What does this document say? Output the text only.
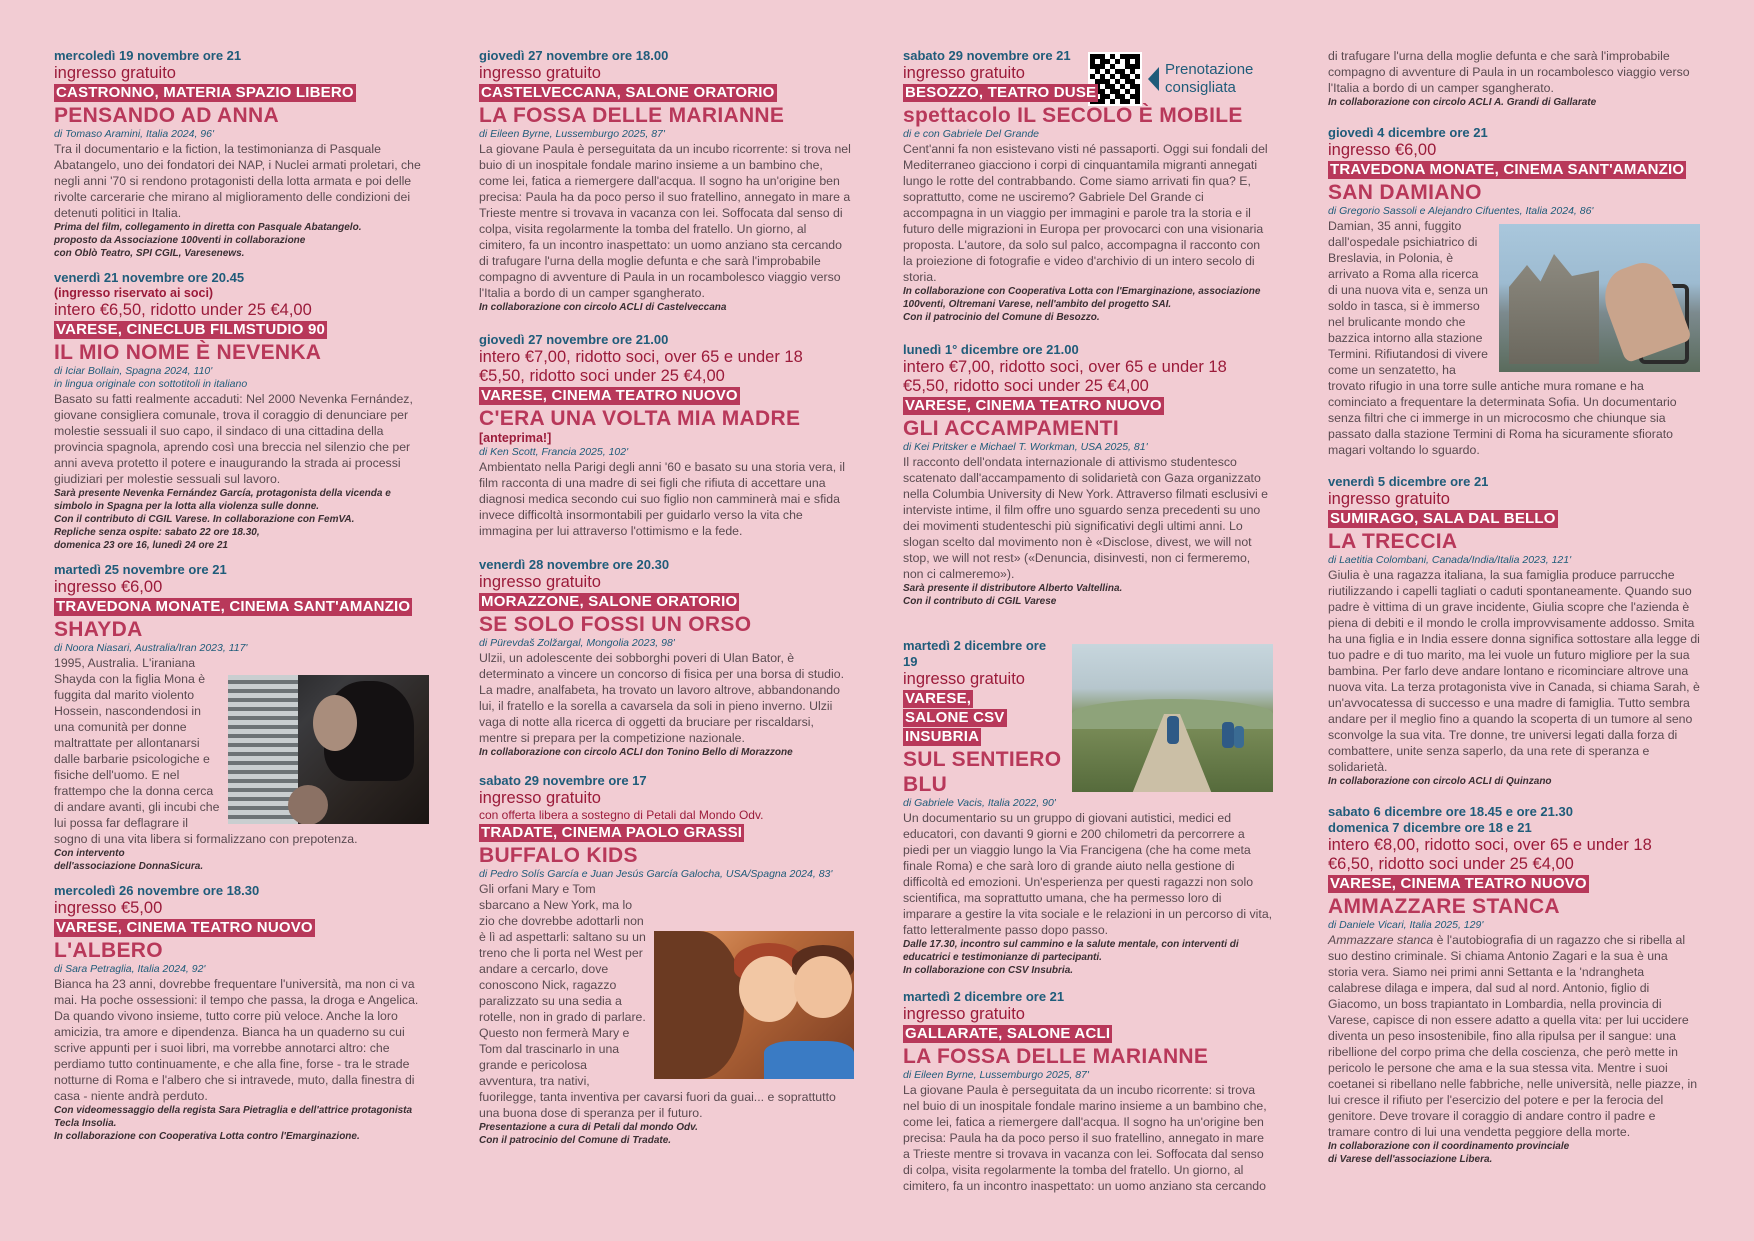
mercoledì 19 novembre ore 21
ingresso gratuito
CASTRONNO, MATERIA SPAZIO LIBERO
PENSANDO AD ANNA
di Tomaso Aramini, Italia 2024, 96'
Tra il documentario e la fiction, la testimonianza di Pasquale Abatangelo, uno dei fondatori dei NAP, i Nuclei armati proletari, che negli anni '70 si rendono protagonisti della lotta armata e poi delle rivolte carcerarie che mirano al miglioramento delle condizioni dei detenuti politici in Italia.
Prima del film, collegamento in diretta con Pasquale Abatangelo.
proposto da Associazione 100venti in collaborazione
con Oblò Teatro, SPI CGIL, Varesenews.
venerdì 21 novembre ore 20.45
(ingresso riservato ai soci)
intero €6,50, ridotto under 25 €4,00
VARESE, CINECLUB FILMSTUDIO 90
IL MIO NOME È NEVENKA
di Iciar Bollain, Spagna 2024, 110'
in lingua originale con sottotitoli in italiano
Basato su fatti realmente accaduti: Nel 2000 Nevenka Fernández, giovane consigliera comunale, trova il coraggio di denunciare per molestie sessuali il suo capo, il sindaco di una cittadina della provincia spagnola, aprendo così una breccia nel silenzio che per anni aveva protetto il potere e inaugurando la strada ai processi giudiziari per molestie sessuali sul lavoro.
Sarà presente Nevenka Fernández García, protagonista della vicenda e simbolo in Spagna per la lotta alla violenza sulle donne.
Con il contributo di CGIL Varese. In collaborazione con FemVA.
Repliche senza ospite: sabato 22 ore 18.30,
domenica 23 ore 16, lunedì 24 ore 21
martedì 25 novembre ore 21
ingresso €6,00
TRAVEDONA MONATE, CINEMA SANT'AMANZIO
SHAYDA
di Noora Niasari, Australia/Iran 2023, 117'
1995, Australia. L'iraniana Shayda con la figlia Mona è fuggita dal marito violento Hossein, nascondendosi in una comunità per donne maltrattate per allontanarsi dalle barbarie psicologiche e fisiche dell'uomo. E nel frattempo che la donna cerca di andare avanti, gli incubi che lui possa far deflagrare il sogno di una vita libera si formalizzano con prepotenza.
Con intervento
dell'associazione DonnaSicura.
mercoledì 26 novembre ore 18.30
ingresso €5,00
VARESE, CINEMA TEATRO NUOVO
L'ALBERO
di Sara Petraglia, Italia 2024, 92'
Bianca ha 23 anni, dovrebbe frequentare l'università, ma non ci va mai. Ha poche ossessioni: il tempo che passa, la droga e Angelica. Da quando vivono insieme, tutto corre più veloce. Anche la loro amicizia, tra amore e dipendenza. Bianca ha un quaderno su cui scrive appunti per i suoi libri, ma vorrebbe annotarci altro: che perdiamo tutto continuamente, e che alla fine, forse - tra le strade notturne di Roma e l'albero che si intravede, muto, dalla finestra di casa - niente andrà perduto.
Con videomessaggio della regista Sara Pietraglia e dell'attrice protagonista Tecla Insolia.
In collaborazione con Cooperativa Lotta contro l'Emarginazione.
giovedì 27 novembre ore 18.00
ingresso gratuito
CASTELVECCANA, SALONE ORATORIO
LA FOSSA DELLE MARIANNE
di Eileen Byrne, Lussemburgo 2025, 87'
La giovane Paula è perseguitata da un incubo ricorrente: si trova nel buio di un inospitale fondale marino insieme a un bambino che, come lei, fatica a riemergere dall'acqua. Il sogno ha un'origine ben precisa: Paula ha da poco perso il suo fratellino, annegato in mare a Trieste mentre si trovava in vacanza con lei. Soffocata dal senso di colpa, visita regolarmente la tomba del fratello. Un giorno, al cimitero, fa un incontro inaspettato: un uomo anziano sta cercando di trafugare l'urna della moglie defunta e che sarà l'improbabile compagno di avventure di Paula in un rocambolesco viaggio verso l'Italia a bordo di un camper sgangherato.
In collaborazione con circolo ACLI di Castelveccana
giovedì 27 novembre ore 21.00
intero €7,00, ridotto soci, over 65 e under 18
€5,50, ridotto soci under 25 €4,00
VARESE, CINEMA TEATRO NUOVO
C'ERA UNA VOLTA MIA MADRE
[anteprima!]
di Ken Scott, Francia 2025, 102'
Ambientato nella Parigi degli anni '60 e basato su una storia vera, il film racconta di una madre di sei figli che rifiuta di accettare una diagnosi medica secondo cui suo figlio non camminerà mai e sfida invece difficoltà insormontabili per guidarlo verso la vita che immagina per lui attraverso l'ottimismo e la fede.
venerdì 28 novembre ore 20.30
ingresso gratuito
MORAZZONE, SALONE ORATORIO
SE SOLO FOSSI UN ORSO
di Pürevdaš Zolžargal, Mongolia 2023, 98'
Ulzii, un adolescente dei sobborghi poveri di Ulan Bator, è determinato a vincere un concorso di fisica per una borsa di studio. La madre, analfabeta, ha trovato un lavoro altrove, abbandonando lui, il fratello e la sorella a cavarsela da soli in pieno inverno. Ulzii vaga di notte alla ricerca di oggetti da bruciare per riscaldarsi, mentre si prepara per la competizione nazionale.
In collaborazione con circolo ACLI don Tonino Bello di Morazzone
sabato 29 novembre ore 17
ingresso gratuito
con offerta libera a sostegno di Petali dal Mondo Odv.
TRADATE, CINEMA PAOLO GRASSI
BUFFALO KIDS
di Pedro Solís García e Juan Jesús García Galocha, USA/Spagna 2024, 83'
Gli orfani Mary e Tom sbarcano a New York, ma lo zio che dovrebbe adottarli non è lì ad aspettarli: saltano su un treno che li porta nel West per andare a cercarlo, dove conoscono Nick, ragazzo paralizzato su una sedia a rotelle, non in grado di parlare. Questo non fermerà Mary e Tom dal trascinarlo in una grande e pericolosa avventura, tra nativi, fuorilegge, tanta inventiva per cavarsi fuori da guai... e soprattutto una buona dose di speranza per il futuro.
Presentazione a cura di Petali dal mondo Odv.
Con il patrocinio del Comune di Tradate.
Prenotazione
consigliata
sabato 29 novembre ore 21
ingresso gratuito
BESOZZO, TEATRO DUSE
spettacolo IL SECOLO È MOBILE
di e con Gabriele Del Grande
Cent'anni fa non esistevano visti né passaporti. Oggi sui fondali del Mediterraneo giacciono i corpi di cinquantamila migranti annegati lungo le rotte del contrabbando. Come siamo arrivati fin qua? E, soprattutto, come ne usciremo? Gabriele Del Grande ci accompagna in un viaggio per immagini e parole tra la storia e il futuro delle migrazioni in Europa per provocarci con una visionaria proposta. L'autore, da solo sul palco, accompagna il racconto con la proiezione di fotografie e video d'archivio di un intero secolo di storia.
In collaborazione con Cooperativa Lotta con l'Emarginazione, associazione 100venti, Oltremani Varese, nell'ambito del progetto SAI.
Con il patrocinio del Comune di Besozzo.
lunedì 1° dicembre ore 21.00
intero €7,00, ridotto soci, over 65 e under 18
€5,50, ridotto soci under 25 €4,00
VARESE, CINEMA TEATRO NUOVO
GLI ACCAMPAMENTI
di Kei Pritsker e Michael T. Workman, USA 2025, 81'
Il racconto dell'ondata internazionale di attivismo studentesco scatenato dall'accampamento di solidarietà con Gaza organizzato nella Columbia University di New York. Attraverso filmati esclusivi e interviste intime, il film offre uno sguardo senza precedenti su uno dei movimenti studenteschi più significativi degli ultimi anni. Lo slogan scelto dal movimento non è «Disclose, divest, we will not stop, we will not rest» («Denuncia, disinvesti, non ci fermeremo, non ci calmeremo»).
Sarà presente il distributore Alberto Valtellina.
Con il contributo di CGIL Varese
martedì 2 dicembre ore 19
ingresso gratuito
VARESE,
SALONE CSV
INSUBRIA
SUL SENTIERO
BLU
di Gabriele Vacis, Italia 2022, 90'
Un documentario su un gruppo di giovani autistici, medici ed educatori, con davanti 9 giorni e 200 chilometri da percorrere a piedi per un viaggio lungo la Via Francigena (che ha come meta finale Roma) e che sarà loro di grande aiuto nella gestione di difficoltà ed emozioni. Un'esperienza per questi ragazzi non solo scientifica, ma soprattutto umana, che ha permesso loro di imparare a gestire la vita sociale e le relazioni in un percorso di vita, fatto letteralmente passo dopo passo.
Dalle 17.30, incontro sul cammino e la salute mentale, con interventi di educatrici e testimonianze di partecipanti.
In collaborazione con CSV Insubria.
martedì 2 dicembre ore 21
ingresso gratuito
GALLARATE, SALONE ACLI
LA FOSSA DELLE MARIANNE
di Eileen Byrne, Lussemburgo 2025, 87'
La giovane Paula è perseguitata da un incubo ricorrente: si trova nel buio di un inospitale fondale marino insieme a un bambino che, come lei, fatica a riemergere dall'acqua. Il sogno ha un'origine ben precisa: Paula ha da poco perso il suo fratellino, annegato in mare a Trieste mentre si trovava in vacanza con lei. Soffocata dal senso di colpa, visita regolarmente la tomba del fratello. Un giorno, al cimitero, fa un incontro inaspettato: un uomo anziano sta cercando
di trafugare l'urna della moglie defunta e che sarà l'improbabile compagno di avventure di Paula in un rocambolesco viaggio verso l'Italia a bordo di un camper sgangherato.
In collaborazione con circolo ACLI A. Grandi di Gallarate
giovedì 4 dicembre ore 21
ingresso €6,00
TRAVEDONA MONATE, CINEMA SANT'AMANZIO
SAN DAMIANO
di Gregorio Sassoli e Alejandro Cifuentes, Italia 2024, 86'
Damian, 35 anni, fuggito dall'ospedale psichiatrico di Breslavia, in Polonia, è arrivato a Roma alla ricerca di una nuova vita e, senza un soldo in tasca, si è immerso nel brulicante mondo che bazzica intorno alla stazione Termini. Rifiutandosi di vivere come un senzatetto, ha trovato rifugio in una torre sulle antiche mura romane e ha cominciato a frequentare la determinata Sofia. Un documentario senza filtri che ci immerge in un microcosmo che chiunque sia passato dalla stazione Termini di Roma ha sicuramente sfiorato magari voltando lo sguardo.
venerdì 5 dicembre ore 21
ingresso gratuito
SUMIRAGO, SALA DAL BELLO
LA TRECCIA
di Laetitia Colombani, Canada/India/Italia 2023, 121'
Giulia è una ragazza italiana, la sua famiglia produce parrucche riutilizzando i capelli tagliati o caduti spontaneamente. Quando suo padre è vittima di un grave incidente, Giulia scopre che l'azienda è piena di debiti e il mondo le crolla improvvisamente addosso. Smita ha una figlia e in India essere donna significa sottostare alla legge di tuo padre e di tuo marito, ma lei vuole un futuro migliore per la sua bambina. Per farlo deve andare lontano e ricominciare altrove una nuova vita. La terza protagonista vive in Canada, si chiama Sarah, è un'avvocatessa di successo e una madre di famiglia. Tutto sembra andare per il meglio fino a quando la scoperta di un tumore al seno sconvolge la sua vita. Tre donne, tre universi legati dalla forza di combattere, unite senza saperlo, da una rete di speranza e solidarietà.
In collaborazione con circolo ACLI di Quinzano
sabato 6 dicembre ore 18.45 e ore 21.30
domenica 7 dicembre ore 18 e 21
intero €8,00, ridotto soci, over 65 e under 18
€6,50, ridotto soci under 25 €4,00
VARESE, CINEMA TEATRO NUOVO
AMMAZZARE STANCA
di Daniele Vicari, Italia 2025, 129'
Ammazzare stanca è l'autobiografia di un ragazzo che si ribella al suo destino criminale. Si chiama Antonio Zagari e la sua è una storia vera. Siamo nei primi anni Settanta e la 'ndrangheta calabrese dilaga e impera, dal sud al nord. Antonio, figlio di Giacomo, un boss trapiantato in Lombardia, nella provincia di Varese, capisce di non essere adatto a quella vita: per lui uccidere diventa un peso insostenibile, fino alla ripulsa per il sangue: una ribellione del corpo prima che della coscienza, che però mette in pericolo le persone che ama e la sua stessa vita. Mentre i suoi coetanei si ribellano nelle fabbriche, nelle università, nelle piazze, in lui cresce il rifiuto per l'esercizio del potere e per la ferocia del genitore. Deve trovare il coraggio di andare contro il padre e tramare contro di lui una vendetta peggiore della morte.
In collaborazione con il coordinamento provinciale
di Varese dell'associazione Libera.
